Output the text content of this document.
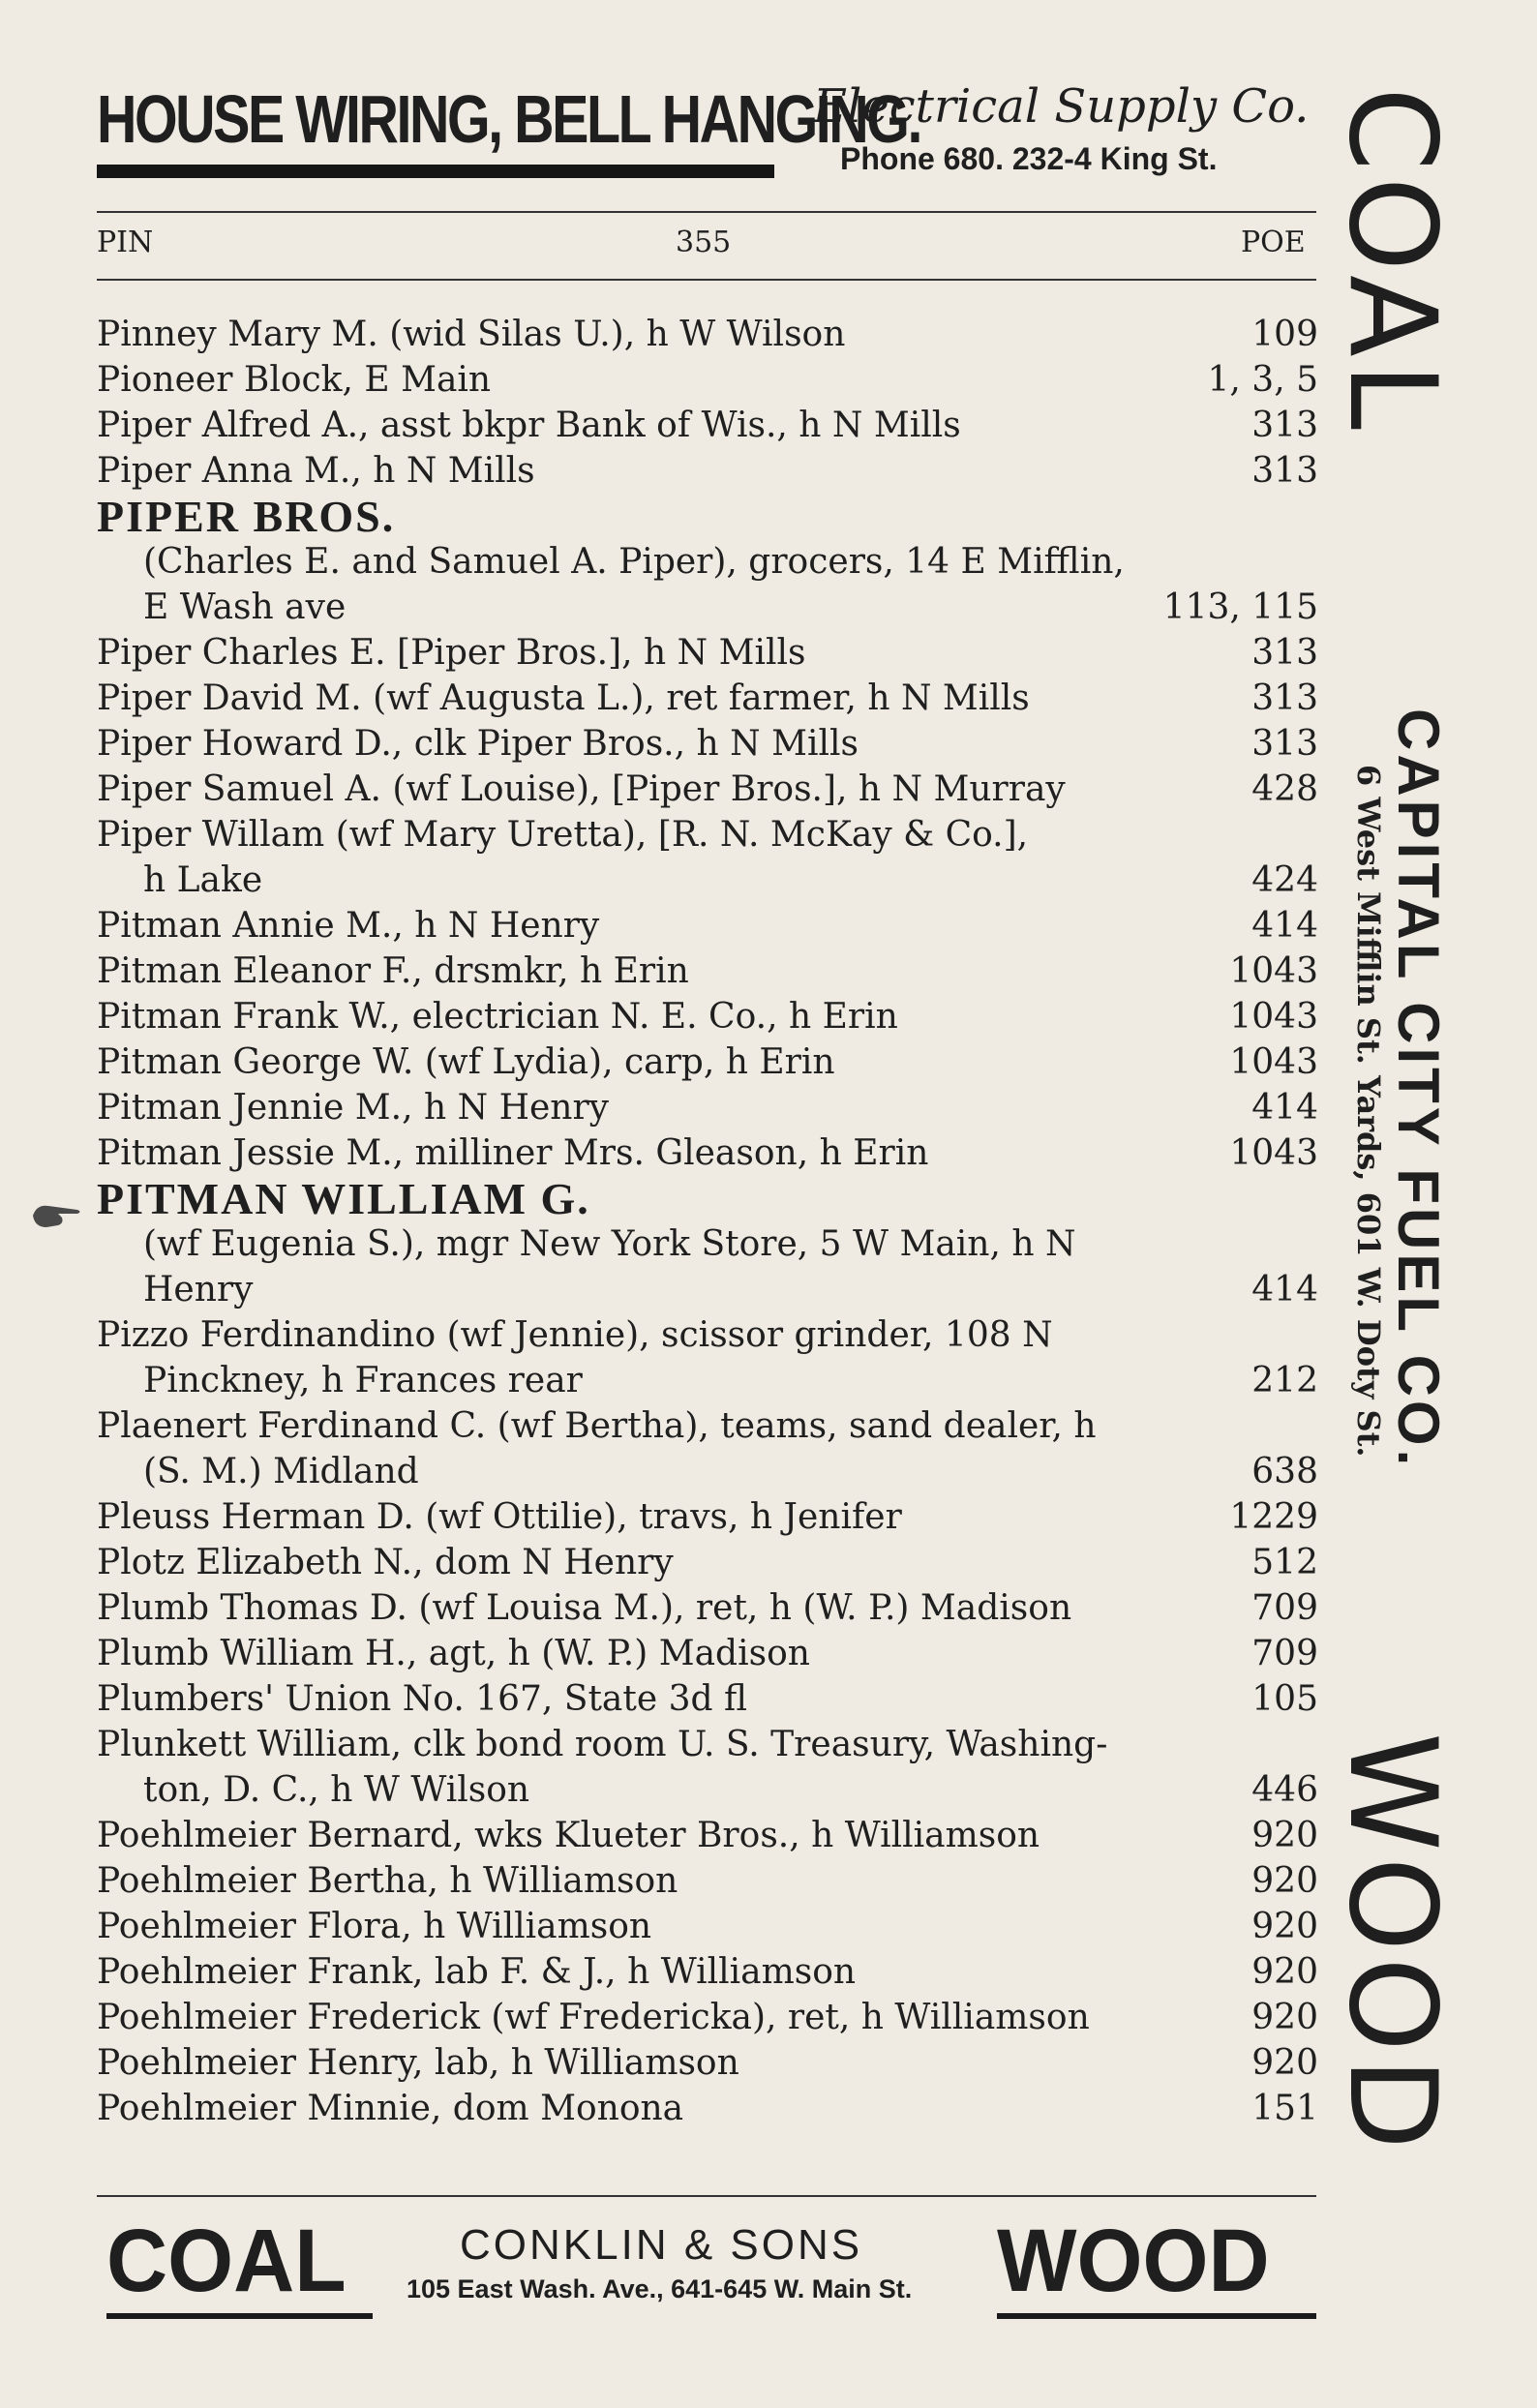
HOUSE WIRING, BELL HANGING.
Electrical Supply Co.
Phone 680. 232-4 King St.
PIN	355	POE
Pinney Mary M. (wid Silas U.), h W Wilson	109
Pioneer Block, E Main	1, 3, 5
Piper Alfred A., asst bkpr Bank of Wis., h N Mills	313
Piper Anna M., h N Mills	313
PIPER BROS.
(Charles E. and Samuel A. Piper), grocers, 14 E Mifflin,
E Wash ave	113, 115
Piper Charles E. [Piper Bros.], h N Mills	313
Piper David M. (wf Augusta L.), ret farmer, h N Mills	313
Piper Howard D., clk Piper Bros., h N Mills	313
Piper Samuel A. (wf Louise), [Piper Bros.], h N Murray	428
Piper Willam (wf Mary Uretta), [R. N. McKay & Co.],
h Lake	424
Pitman Annie M., h N Henry	414
Pitman Eleanor F., drsmkr, h Erin	1043
Pitman Frank W., electrician N. E. Co., h Erin	1043
Pitman George W. (wf Lydia), carp, h Erin	1043
Pitman Jennie M., h N Henry	414
Pitman Jessie M., milliner Mrs. Gleason, h Erin	1043
PITMAN WILLIAM G.
(wf Eugenia S.), mgr New York Store, 5 W Main, h N
Henry	414
Pizzo Ferdinandino (wf Jennie), scissor grinder, 108 N
Pinckney, h Frances rear	212
Plaenert Ferdinand C. (wf Bertha), teams, sand dealer, h
(S. M.) Midland	638
Pleuss Herman D. (wf Ottilie), travs, h Jenifer	1229
Plotz Elizabeth N., dom N Henry	512
Plumb Thomas D. (wf Louisa M.), ret, h (W. P.) Madison	709
Plumb William H., agt, h (W. P.) Madison	709
Plumbers' Union No. 167, State 3d fl	105
Plunkett William, clk bond room U. S. Treasury, Washing-
ton, D. C., h W Wilson	446
Poehlmeier Bernard, wks Klueter Bros., h Williamson	920
Poehlmeier Bertha, h Williamson	920
Poehlmeier Flora, h Williamson	920
Poehlmeier Frank, lab F. & J., h Williamson	920
Poehlmeier Frederick (wf Fredericka), ret, h Williamson	920
Poehlmeier Henry, lab, h Williamson	920
Poehlmeier Minnie, dom Monona	151
COAL
CAPITAL CITY FUEL CO.
6 West Mifflin St. Yards, 601 W. Doty St.
WOOD
COAL	CONKLIN & SONS
105 East Wash. Ave., 641-645 W. Main St. WOOD
